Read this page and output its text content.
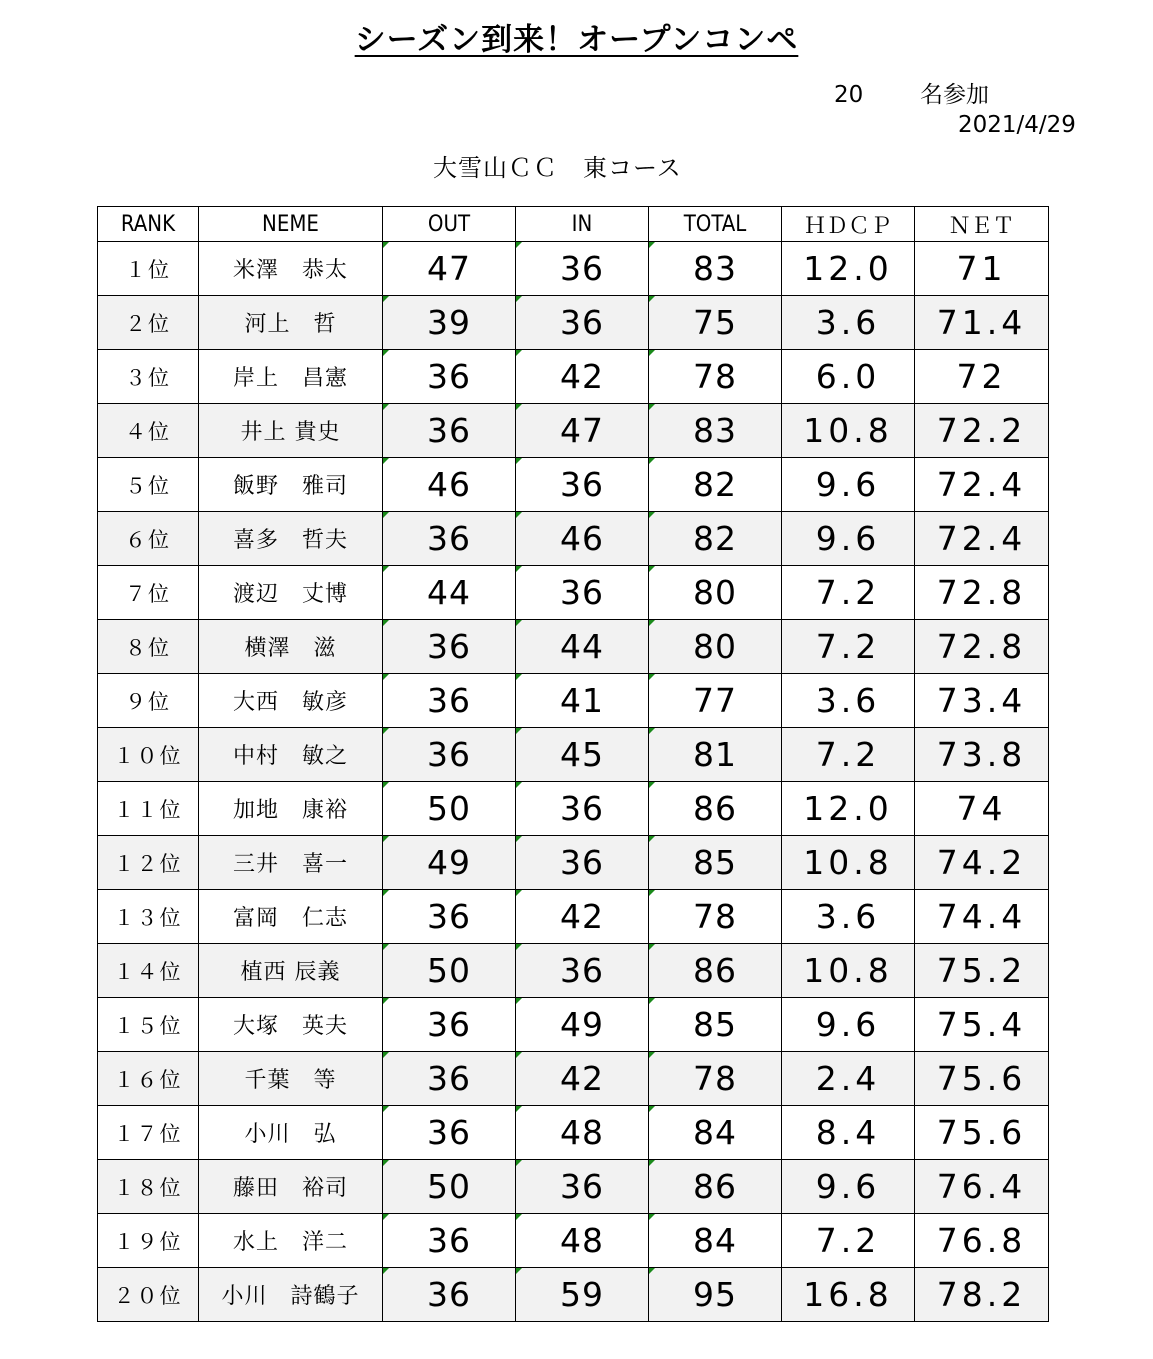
シーズン到来！オープンコンペ
20 名参加
2021/4/29
大雪山ＣＣ　東コース
RANK	NEME	OUT	IN	TOTAL	ＨＤＣＰ	ＮＥＴ
１位	米澤　恭太	47	36	83	12.0	71
２位	河上　哲	39	36	75	3.6	71.4
３位	岸上　昌憲	36	42	78	6.0	72
４位	井上 貴史	36	47	83	10.8	72.2
５位	飯野　雅司	46	36	82	9.6	72.4
６位	喜多　哲夫	36	46	82	9.6	72.4
７位	渡辺　丈博	44	36	80	7.2	72.8
８位	横澤　滋	36	44	80	7.2	72.8
９位	大西　敏彦	36	41	77	3.6	73.4
１０位	中村　敏之	36	45	81	7.2	73.8
１１位	加地　康裕	50	36	86	12.0	74
１２位	三井　喜一	49	36	85	10.8	74.2
１３位	富岡　仁志	36	42	78	3.6	74.4
１４位	植西 辰義	50	36	86	10.8	75.2
１５位	大塚　英夫	36	49	85	9.6	75.4
１６位	千葉　等	36	42	78	2.4	75.6
１７位	小川　弘	36	48	84	8.4	75.6
１８位	藤田　裕司	50	36	86	9.6	76.4
１９位	水上　洋二	36	48	84	7.2	76.8
２０位	小川　詩鶴子	36	59	95	16.8	78.2
